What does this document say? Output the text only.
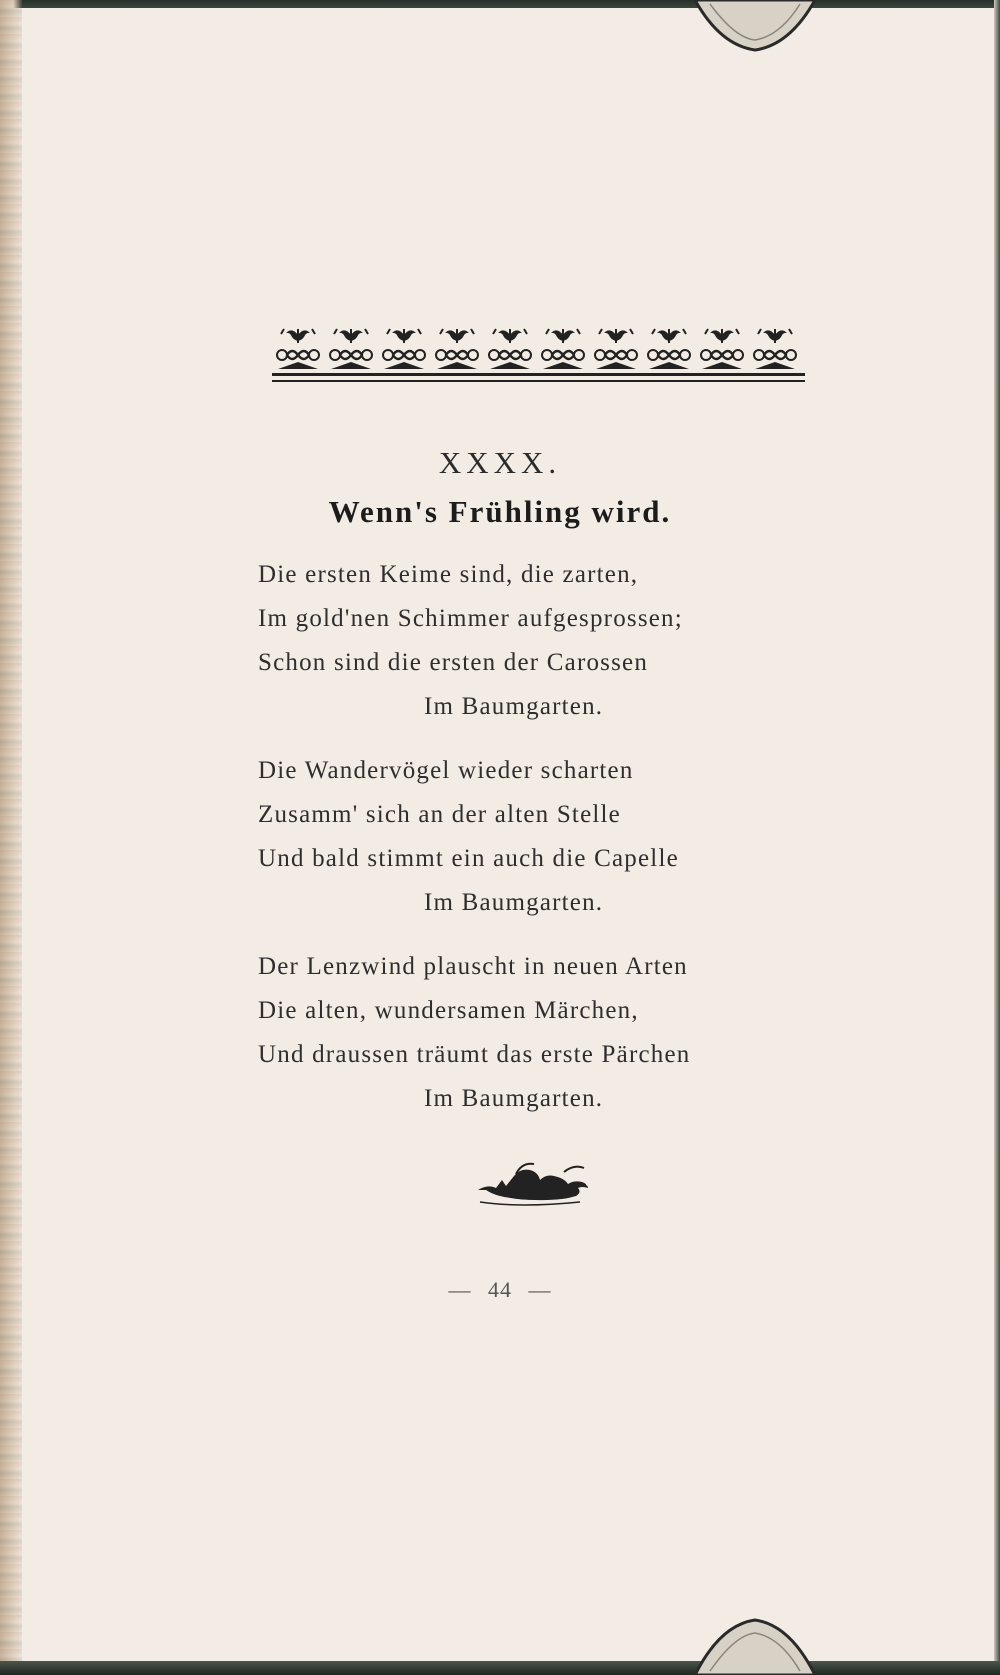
XXXX.
Wenn's Frühling wird.
Die ersten Keime sind, die zarten,
Im gold'nen Schimmer aufgesprossen;
Schon sind die ersten der Carossen
Im Baumgarten.
Die Wandervögel wieder scharten
Zusamm' sich an der alten Stelle
Und bald stimmt ein auch die Capelle
Im Baumgarten.
Der Lenzwind plauscht in neuen Arten
Die alten, wundersamen Märchen,
Und draussen träumt das erste Pärchen
Im Baumgarten.
— 44 —
